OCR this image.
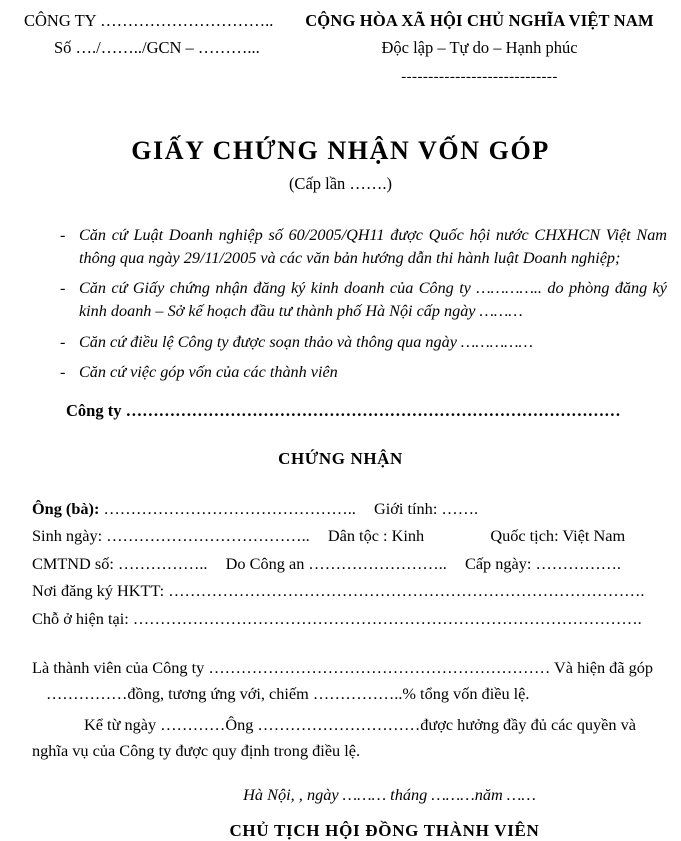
CÔNG TY …………………………..
Số …./……../GCN – ………...
CỘNG HÒA XÃ HỘI CHỦ NGHĨA VIỆT NAM
Độc lập – Tự do – Hạnh phúc
-----------------------------
GIẤY CHỨNG NHẬN VỐN GÓP
(Cấp lần …….)
- Căn cứ Luật Doanh nghiệp số 60/2005/QH11 được Quốc hội nước CHXHCN Việt Nam thông qua ngày 29/11/2005 và các văn bản hướng dẫn thi hành luật Doanh nghiệp;
- Căn cứ Giấy chứng nhận đăng ký kinh doanh của Công ty ………….. do phòng đăng ký kinh doanh – Sở kế hoạch đầu tư thành phố Hà Nội cấp ngày ………
- Căn cứ điều lệ Công ty được soạn thảo và thông qua ngày ……………
- Căn cứ việc góp vốn của các thành viên
Công ty ………………………………………………………………………………
CHỨNG NHẬN
Ông (bà): ……………………………………….. Giới tính: …….
Sinh ngày: ……………………………….. Dân tộc : Kinh	Quốc tịch: Việt Nam
CMTND số: …………….. Do Công an …………………….. Cấp ngày: …………….
Nơi đăng ký HKTT: …………………………………………………………………………….
Chỗ ở hiện tại: ………………………………………………………………………………….

Là thành viên của Công ty ……………………………………………………… Và hiện đã góp

……………đồng, tương ứng với, chiếm ……………..% tổng vốn điều lệ.

Kể từ ngày …………Ông …………………………được hưởng đầy đủ các quyền và

nghĩa vụ của Công ty được quy định trong điều lệ.

Hà Nội, , ngày ……… tháng ………năm ……
CHỦ TỊCH HỘI ĐỒNG THÀNH VIÊN
